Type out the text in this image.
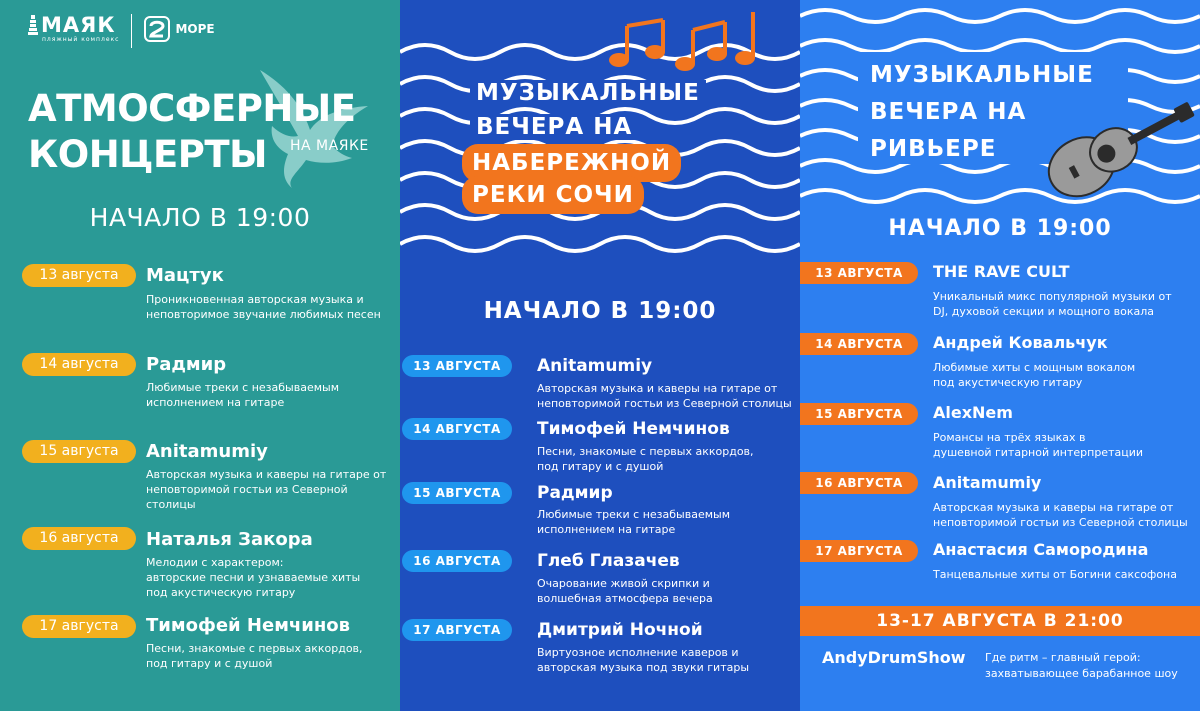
МАЯК
пляжный комплекс
МОРЕ
АТМОСФЕРНЫЕ
КОНЦЕРТЫ	НА МАЯКЕ
НАЧАЛО В 19:00
13 августа	Мацтук
Проникновенная авторская музыка и
неповторимое звучание любимых песен
14 августа	Радмир
Любимые треки с незабываемым
исполнением на гитаре
15 августа	Anitamumiy
Авторская музыка и каверы на гитаре от
неповторимой гостьи из Северной столицы
16 августа	Наталья Закора
Мелодии с характером:
авторские песни и узнаваемые хиты
под акустическую гитару
17 августа	Тимофей Немчинов
Песни, знакомые с первых аккордов,
под гитару и с душой
МУЗЫКАЛЬНЫЕ
ВЕЧЕРА НА
НАБЕРЕЖНОЙ
РЕКИ СОЧИ
НАЧАЛО В 19:00
13 АВГУСТА	Anitamumiy
Авторская музыка и каверы на гитаре от
неповторимой гостьи из Северной столицы
14 АВГУСТА	Тимофей Немчинов
Песни, знакомые с первых аккордов,
под гитару и с душой
15 АВГУСТА	Радмир
Любимые треки с незабываемым
исполнением на гитаре
16 АВГУСТА	Глеб Глазачев
Очарование живой скрипки и
волшебная атмосфера вечера
17 АВГУСТА	Дмитрий Ночной
Виртуозное исполнение каверов и
авторская музыка под звуки гитары
МУЗЫКАЛЬНЫЕ
ВЕЧЕРА НА
РИВЬЕРЕ
НАЧАЛО В 19:00
13 АВГУСТА	THE RAVE CULT
Уникальный микс популярной музыки от
DJ, духовой секции и мощного вокала
14 АВГУСТА	Андрей Ковальчук
Любимые хиты с мощным вокалом
под акустическую гитару
15 АВГУСТА	AlexNem
Романсы на трёх языках в
душевной гитарной интерпретации
16 АВГУСТА	Anitamumiy
Авторская музыка и каверы на гитаре от
неповторимой гостьи из Северной столицы
17 АВГУСТА	Анастасия Самородина
Танцевальные хиты от Богини саксофона
13-17 АВГУСТА В 21:00
AndyDrumShow Где ритм – главный герой:
захватывающее барабанное шоу
